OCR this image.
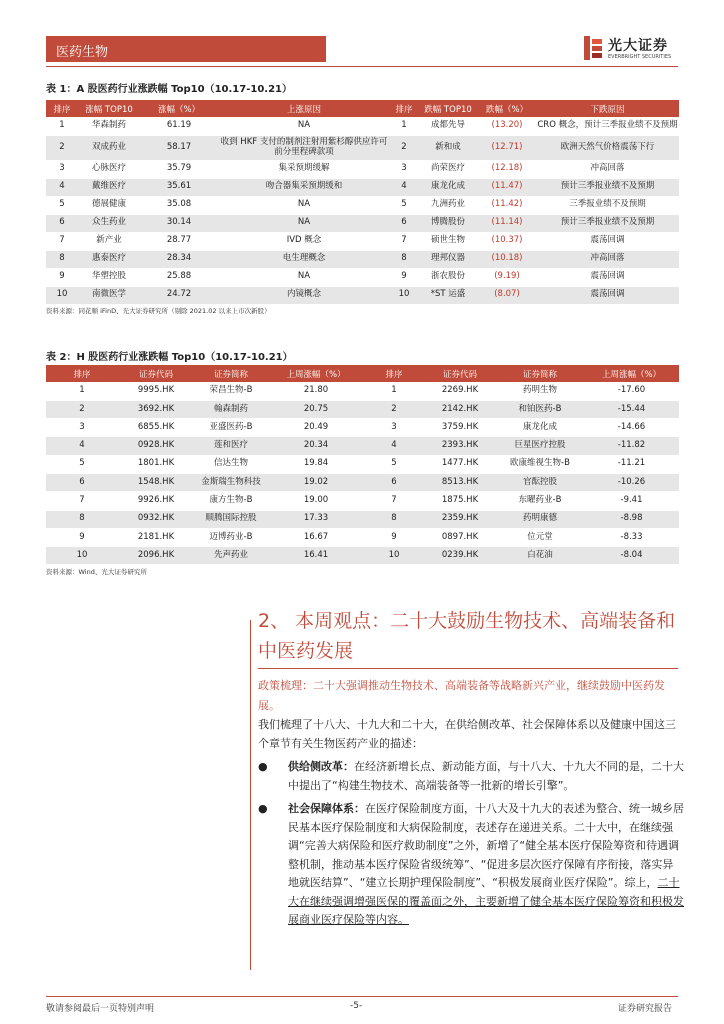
医药生物	光大证券
EVERBRIGHT SECURITIES
表 1：A 股医药行业涨跌幅 Top10（10.17-10.21）
排序	涨幅 TOP10	涨幅（%）	上涨原因	排序	跌幅 TOP10	跌幅（%）	下跌原因
1	华森制药	61.19	NA	1	成都先导	(13.20)	CRO 概念，预计三季报业绩不及预期
2	双成药业	58.17	收到 HKF 支付的制剂注射用紫杉醇供应许可前分里程碑款项	2	新和成	(12.71)	欧洲天然气价格震荡下行
3	心脉医疗	35.79	集采预期缓解	3	尚荣医疗	(12.18)	冲高回落
4	戴维医疗	35.61	吻合器集采预期缓和	4	康龙化成	(11.47)	预计三季报业绩不及预期
5	德展健康	35.08	NA	5	九洲药业	(11.42)	三季报业绩不及预期
6	众生药业	30.14	NA	6	博腾股份	(11.14)	预计三季报业绩不及预期
7	新产业	28.77	IVD 概念	7	硕世生物	(10.37)	震荡回调
8	惠泰医疗	28.34	电生理概念	8	理邦仪器	(10.18)	冲高回落
9	华塑控股	25.88	NA	9	浙农股份	(9.19)	震荡回调
10	南微医学	24.72	内镜概念	10	*ST 运盛	(8.07)	震荡回调
资料来源：同花顺 iFinD、光大证券研究所（剔除 2021.02 以来上市次新股）
表 2：H 股医药行业涨跌幅 Top10（10.17-10.21）
排序	证券代码	证券简称	上周涨幅（%）	排序	证券代码	证券简称	上周涨幅（%）
1	9995.HK	荣昌生物-B	21.80	1	2269.HK	药明生物	-17.60
2	3692.HK	翰森制药	20.75	2	2142.HK	和铂医药-B	-15.44
3	6855.HK	亚盛医药-B	20.49	3	3759.HK	康龙化成	-14.66
4	0928.HK	莲和医疗	20.34	4	2393.HK	巨星医疗控股	-11.82
5	1801.HK	信达生物	19.84	5	1477.HK	欧康维视生物-B	-11.21
6	1548.HK	金斯瑞生物科技	19.02	6	8513.HK	官酝控股	-10.26
7	9926.HK	康方生物-B	19.00	7	1875.HK	东曜药业-B	-9.41
8	0932.HK	顺腾国际控股	17.33	8	2359.HK	药明康德	-8.98
9	2181.HK	迈博药业-B	16.67	9	0897.HK	位元堂	-8.33
10	2096.HK	先声药业	16.41	10	0239.HK	白花油	-8.04
资料来源：Wind、光大证券研究所
2、 本周观点：二十大鼓励生物技术、高端装备和中医药发展
政策梳理：二十大强调推动生物技术、高端装备等战略新兴产业，继续鼓励中医药发展。
我们梳理了十八大、十九大和二十大，在供给侧改革、社会保障体系以及健康中国这三个章节有关生物医药产业的描述：
● 供给侧改革：在经济新增长点、新动能方面，与十八大、十九大不同的是，二十大中提出了“构建生物技术、高端装备等一批新的增长引擎”。
● 社会保障体系：在医疗保险制度方面，十八大及十九大的表述为整合、统一城乡居民基本医疗保险制度和大病保险制度，表述存在递进关系。二十大中，在继续强调“完善大病保险和医疗救助制度”之外，新增了“健全基本医疗保险筹资和待遇调整机制，推动基本医疗保险省级统筹”、“促进多层次医疗保障有序衔接，落实异地就医结算”、“建立长期护理保险制度”、“积极发展商业医疗保险”。综上，二十大在继续强调增强医保的覆盖面之外，主要新增了健全基本医疗保险筹资和积极发展商业医疗保险等内容。
敬请参阅最后一页特别声明	-5-	证券研究报告
